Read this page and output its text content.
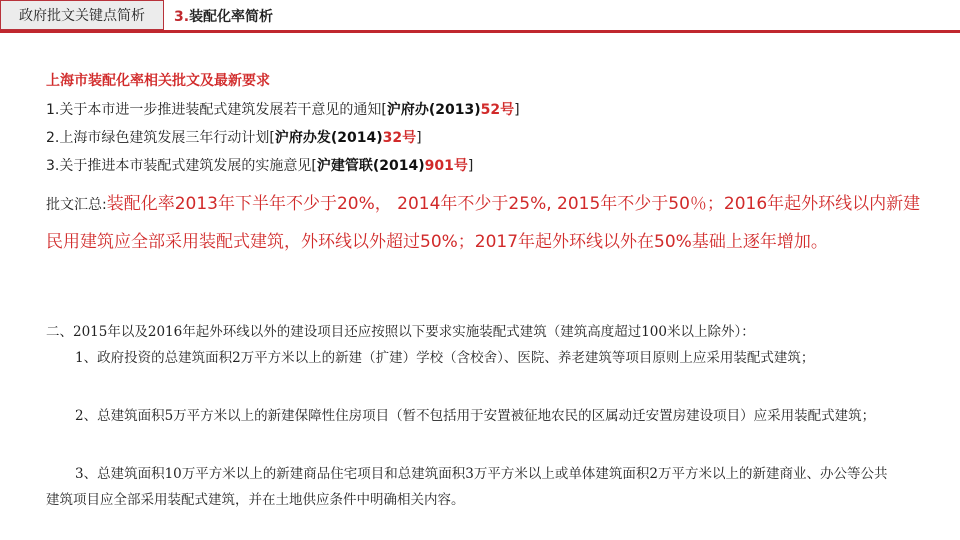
政府批文关键点简析 3.装配化率简析
上海市装配化率相关批文及最新要求
1.关于本市进一步推进装配式建筑发展若干意见的通知[沪府办(2013)52号]
2.上海市绿色建筑发展三年行动计划[沪府办发(2014)32号]
3.关于推进本市装配式建筑发展的实施意见[沪建管联(2014)901号]
批文汇总:装配化率2013年下半年不少于20%， 2014年不少于25%, 2015年不少于50％；2016年起外环线以内新建民用建筑应全部采用装配式建筑，外环线以外超过50%；2017年起外环线以外在50%基础上逐年增加。
二、2015年以及2016年起外环线以外的建设项目还应按照以下要求实施装配式建筑（建筑高度超过100米以上除外）：
1、政府投资的总建筑面积2万平方米以上的新建（扩建）学校（含校舍）、医院、养老建筑等项目原则上应采用装配式建筑；
2、总建筑面积5万平方米以上的新建保障性住房项目（暂不包括用于安置被征地农民的区属动迁安置房建设项目）应采用装配式建筑；
3、总建筑面积10万平方米以上的新建商品住宅项目和总建筑面积3万平方米以上或单体建筑面积2万平方米以上的新建商业、办公等公共建筑项目应全部采用装配式建筑，并在土地供应条件中明确相关内容。
